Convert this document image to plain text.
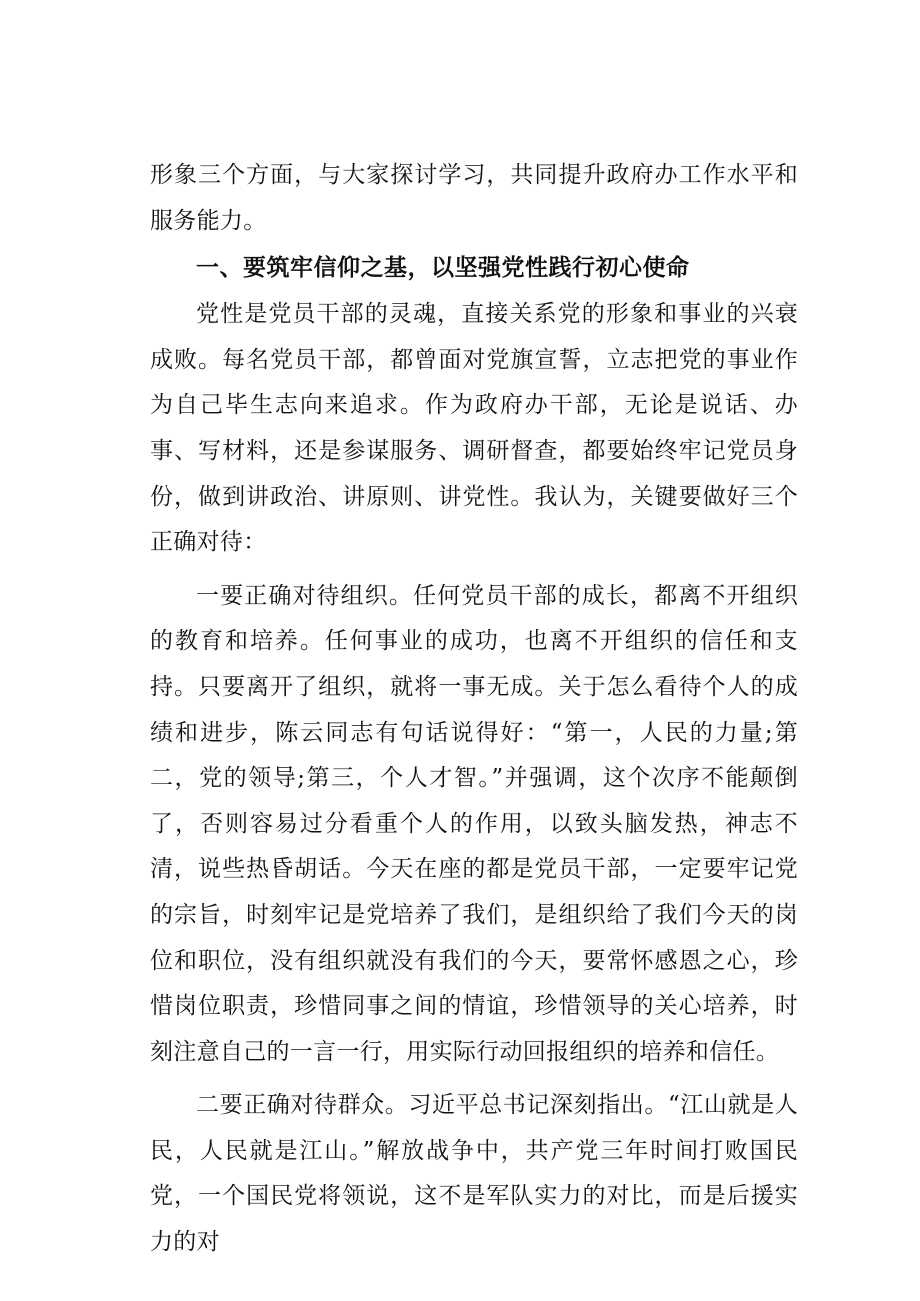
形象三个方面，与大家探讨学习，共同提升政府办工作水平和服务能力。

一、要筑牢信仰之基，以坚强党性践行初心使命

党性是党员干部的灵魂，直接关系党的形象和事业的兴衰成败。每名党员干部，都曾面对党旗宣誓，立志把党的事业作为自己毕生志向来追求。作为政府办干部，无论是说话、办事、写材料，还是参谋服务、调研督查，都要始终牢记党员身份，做到讲政治、讲原则、讲党性。我认为，关键要做好三个正确对待：

一要正确对待组织。任何党员干部的成长，都离不开组织的教育和培养。任何事业的成功，也离不开组织的信任和支持。只要离开了组织，就将一事无成。关于怎么看待个人的成绩和进步，陈云同志有句话说得好：“第一，人民的力量;第二，党的领导;第三，个人才智。”并强调，这个次序不能颠倒了，否则容易过分看重个人的作用，以致头脑发热，神志不清，说些热昏胡话。今天在座的都是党员干部，一定要牢记党的宗旨，时刻牢记是党培养了我们，是组织给了我们今天的岗位和职位，没有组织就没有我们的今天，要常怀感恩之心，珍惜岗位职责，珍惜同事之间的情谊，珍惜领导的关心培养，时刻注意自己的一言一行，用实际行动回报组织的培养和信任。

二要正确对待群众。习近平总书记深刻指出。“江山就是人民，人民就是江山。”解放战争中，共产党三年时间打败国民党，一个国民党将领说，这不是军队实力的对比，而是后援实力的对
